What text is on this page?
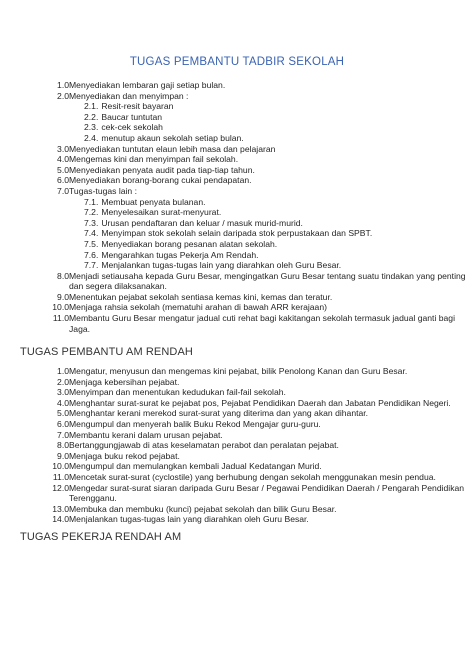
TUGAS PEMBANTU TADBIR SEKOLAH
1.0 Menyediakan lembaran gaji setiap bulan.
2.0 Menyediakan dan menyimpan :
2.1. Resit-resit bayaran
2.2. Baucar tuntutan
2.3. cek-cek sekolah
2.4. menutup akaun sekolah setiap bulan.
3.0 Menyediakan tuntutan elaun lebih masa dan pelajaran
4.0 Mengemas kini dan menyimpan fail sekolah.
5.0 Menyediakan penyata audit pada tiap-tiap tahun.
6.0 Menyediakan borang-borang cukai pendapatan.
7.0 Tugas-tugas lain :
7.1. Membuat penyata bulanan.
7.2. Menyelesaikan surat-menyurat.
7.3. Urusan pendaftaran dan keluar / masuk murid-murid.
7.4. Menyimpan stok sekolah selain daripada stok perpustakaan dan SPBT.
7.5. Menyediakan borang pesanan alatan sekolah.
7.6. Mengarahkan tugas Pekerja Am Rendah.
7.7. Menjalankan tugas-tugas lain yang diarahkan oleh Guru Besar.
8.0 Menjadi setiausaha kepada Guru Besar, mengingatkan Guru Besar tentang suatu tindakan yang penting dan segera dilaksanakan.
9.0 Menentukan pejabat sekolah sentiasa kemas kini, kemas dan teratur.
10.0 Menjaga rahsia sekolah (mematuhi arahan di bawah ARR kerajaan)
11.0 Membantu Guru Besar mengatur jadual cuti rehat bagi kakitangan sekolah termasuk jadual ganti bagi Jaga.
TUGAS PEMBANTU AM RENDAH
1.0 Mengatur, menyusun dan mengemas kini pejabat, bilik Penolong Kanan dan Guru Besar.
2.0 Menjaga kebersihan pejabat.
3.0 Menyimpan dan menentukan kedudukan fail-fail sekolah.
4.0 Menghantar surat-surat ke pejabat pos, Pejabat Pendidikan Daerah dan Jabatan Pendidikan Negeri.
5.0 Menghantar kerani merekod surat-surat yang diterima dan yang akan dihantar.
6.0 Mengumpul dan menyerah balik Buku Rekod Mengajar guru-guru.
7.0 Membantu kerani dalam urusan pejabat.
8.0 Bertanggungjawab di atas keselamatan perabot dan peralatan pejabat.
9.0 Menjaga buku rekod pejabat.
10.0 Mengumpul dan memulangkan kembali Jadual Kedatangan Murid.
11.0 Mencetak surat-surat (cyclostile) yang berhubung dengan sekolah menggunakan mesin pendua.
12.0 Mengedar surat-surat siaran daripada Guru Besar / Pegawai Pendidikan Daerah / Pengarah Pendidikan Terengganu.
13.0 Membuka dan membuku (kunci) pejabat sekolah dan bilik Guru Besar.
14.0 Menjalankan tugas-tugas lain yang diarahkan oleh Guru Besar.
TUGAS PEKERJA RENDAH AM
